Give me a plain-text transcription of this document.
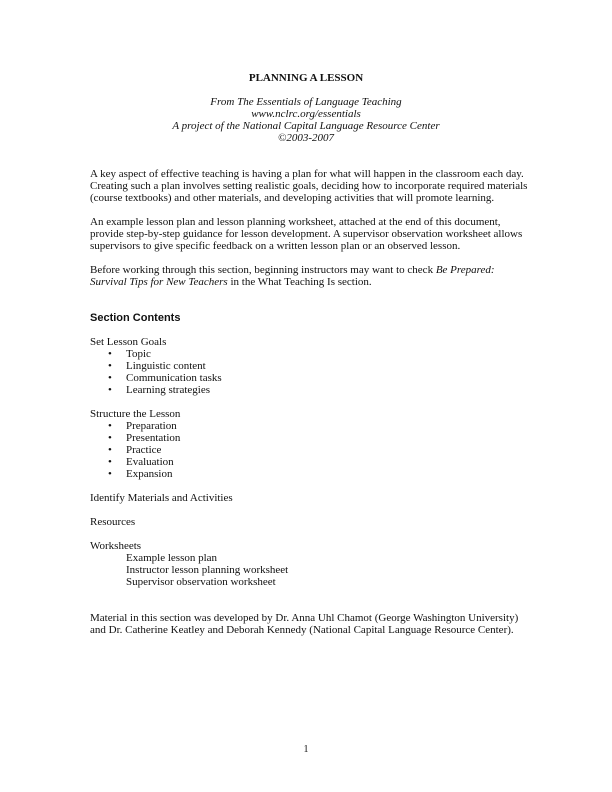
PLANNING A LESSON
From The Essentials of Language Teaching
www.nclrc.org/essentials
A project of the National Capital Language Resource Center
©2003-2007

A key aspect of effective teaching is having a plan for what will happen in the classroom each day. Creating such a plan involves setting realistic goals, deciding how to incorporate required materials (course textbooks) and other materials, and developing activities that will promote learning.

An example lesson plan and lesson planning worksheet, attached at the end of this document, provide step-by-step guidance for lesson development. A supervisor observation worksheet allows supervisors to give specific feedback on a written lesson plan or an observed lesson.

Before working through this section, beginning instructors may want to check Be Prepared: Survival Tips for New Teachers in the What Teaching Is section.

Section Contents
Set Lesson Goals
• Topic
• Linguistic content
• Communication tasks
• Learning strategies
Structure the Lesson
• Preparation
• Presentation
• Practice
• Evaluation
• Expansion
Identify Materials and Activities
Resources
Worksheets
Example lesson plan
Instructor lesson planning worksheet
Supervisor observation worksheet

Material in this section was developed by Dr. Anna Uhl Chamot (George Washington University) and Dr. Catherine Keatley and Deborah Kennedy (National Capital Language Resource Center).

1
